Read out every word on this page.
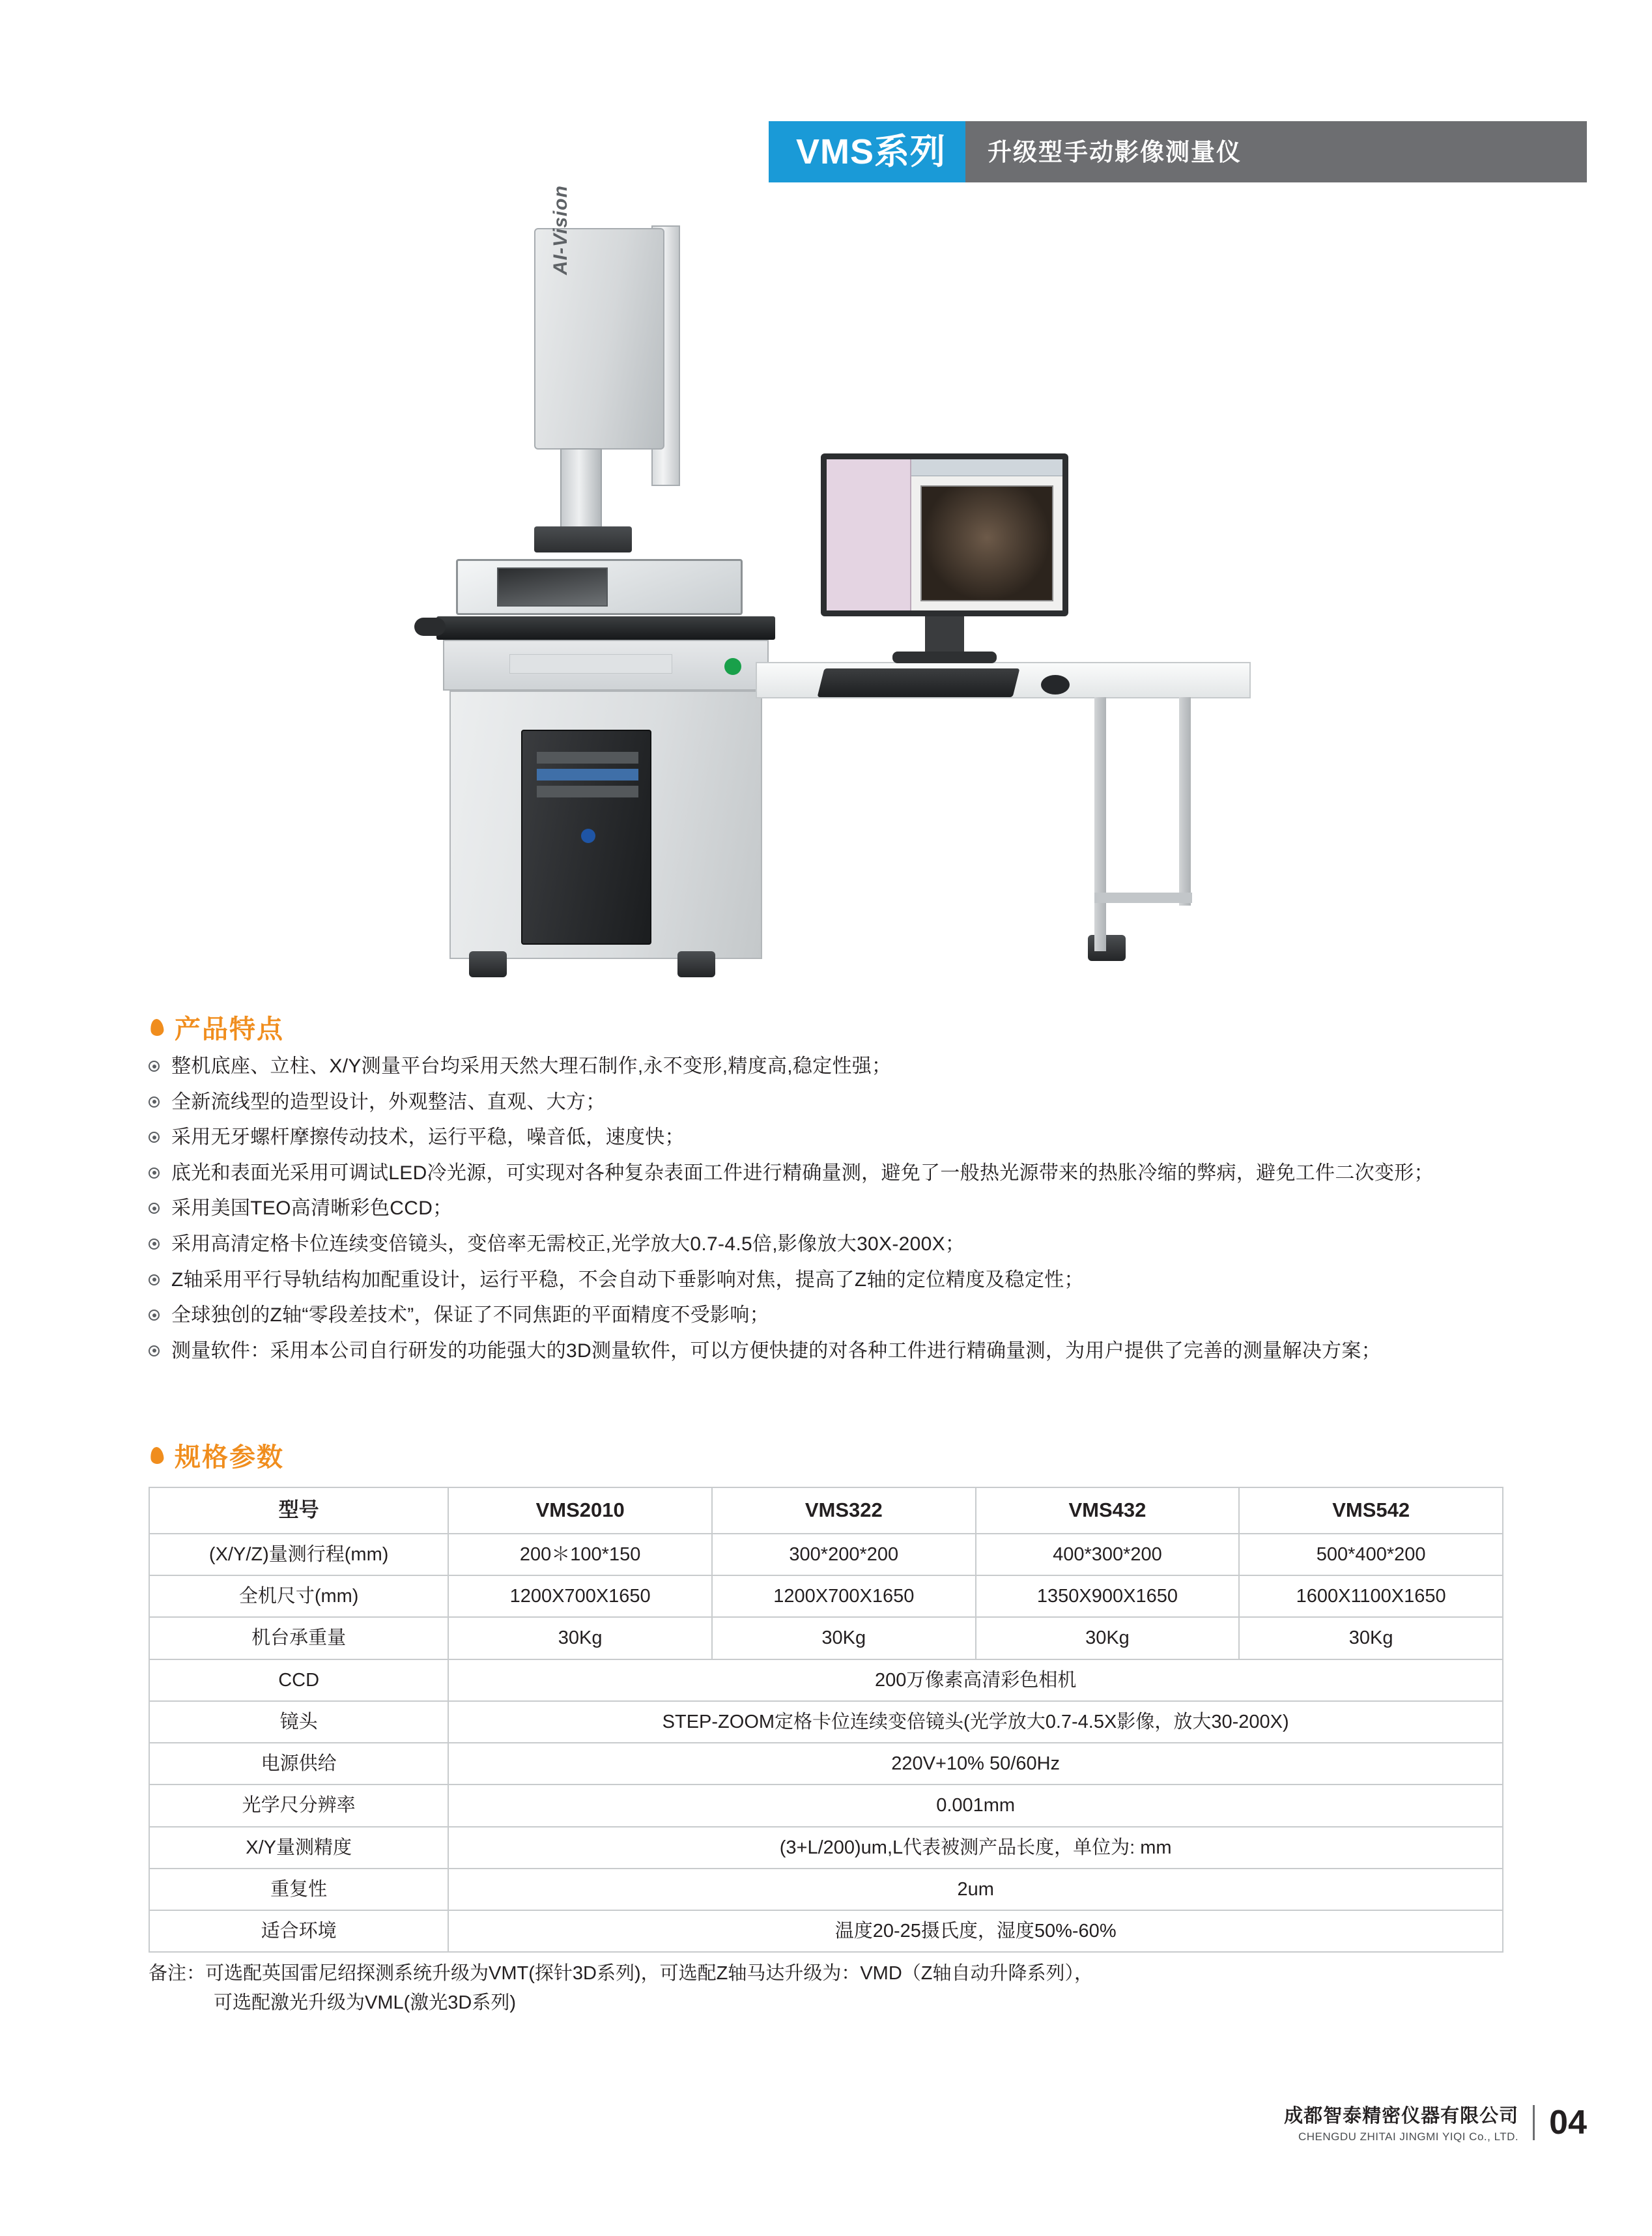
VMS系列 升级型手动影像测量仪
AI-Vision
产品特点
整机底座、立柱、X/Y测量平台均采用天然大理石制作,永不变形,精度高,稳定性强；
全新流线型的造型设计，外观整洁、直观、大方；
采用无牙螺杆摩擦传动技术，运行平稳，噪音低，速度快；
底光和表面光采用可调试LED冷光源，可实现对各种复杂表面工件进行精确量测，避免了一般热光源带来的热胀冷缩的弊病，避免工件二次变形；
采用美国TEO高清晰彩色CCD；
采用高清定格卡位连续变倍镜头，变倍率无需校正,光学放大0.7-4.5倍,影像放大30X-200X；
Z轴采用平行导轨结构加配重设计，运行平稳，不会自动下垂影响对焦，提高了Z轴的定位精度及稳定性；
全球独创的Z轴“零段差技术”，保证了不同焦距的平面精度不受影响；
测量软件：采用本公司自行研发的功能强大的3D测量软件，可以方便快捷的对各种工件进行精确量测，为用户提供了完善的测量解决方案；
规格参数
型号	VMS2010	VMS322	VMS432	VMS542
(X/Y/Z)量测行程(mm)	200＊100*150	300*200*200	400*300*200	500*400*200
全机尺寸(mm)	1200X700X1650	1200X700X1650	1350X900X1650	1600X1100X1650
机台承重量	30Kg	30Kg	30Kg	30Kg
CCD	200万像素高清彩色相机			
镜头	STEP-ZOOM定格卡位连续变倍镜头(光学放大0.7-4.5X影像，放大30-200X)			
电源供给	220V+10% 50/60Hz			
光学尺分辨率	0.001mm			
X/Y量测精度	(3+L/200)um,L代表被测产品长度，单位为: mm			
重复性	2um			
适合环境	温度20-25摄氏度，湿度50%-60%			
备注：可选配英国雷尼绍探测系统升级为VMT(探针3D系列)，可选配Z轴马达升级为：VMD（Z轴自动升降系列），
可选配激光升级为VML(激光3D系列)
成都智泰精密仪器有限公司
CHENGDU ZHITAI JINGMI YIQI Co., LTD. 04
